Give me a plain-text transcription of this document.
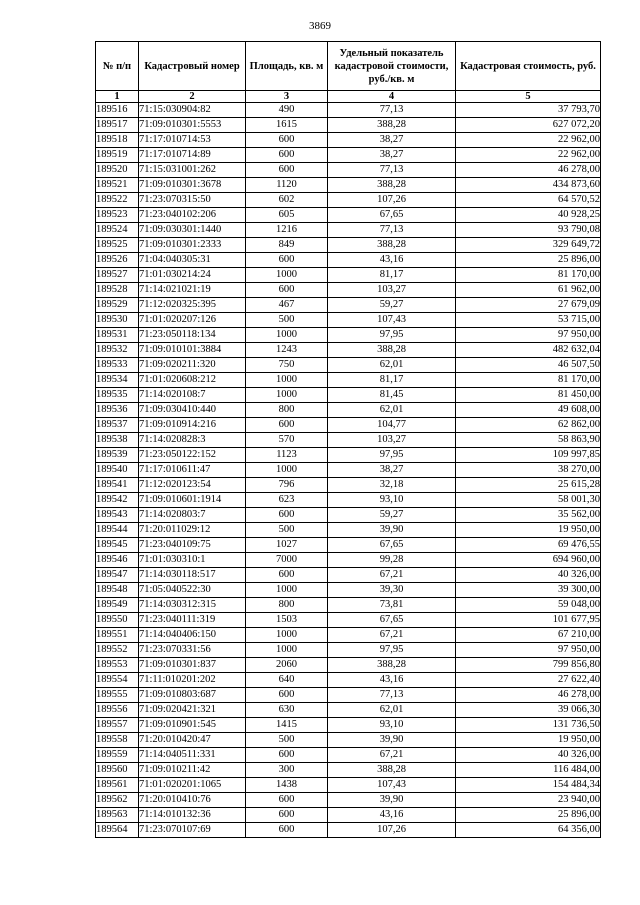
3869
№ п/п	Кадастровый номер	Площадь, кв. м	Удельный показатель кадастровой стоимости, руб./кв. м	Кадастровая стоимость, руб.
1	2	3	4	5
189516	71:15:030904:82	490	77,13	37 793,70
189517	71:09:010301:5553	1615	388,28	627 072,20
189518	71:17:010714:53	600	38,27	22 962,00
189519	71:17:010714:89	600	38,27	22 962,00
189520	71:15:031001:262	600	77,13	46 278,00
189521	71:09:010301:3678	1120	388,28	434 873,60
189522	71:23:070315:50	602	107,26	64 570,52
189523	71:23:040102:206	605	67,65	40 928,25
189524	71:09:030301:1440	1216	77,13	93 790,08
189525	71:09:010301:2333	849	388,28	329 649,72
189526	71:04:040305:31	600	43,16	25 896,00
189527	71:01:030214:24	1000	81,17	81 170,00
189528	71:14:021021:19	600	103,27	61 962,00
189529	71:12:020325:395	467	59,27	27 679,09
189530	71:01:020207:126	500	107,43	53 715,00
189531	71:23:050118:134	1000	97,95	97 950,00
189532	71:09:010101:3884	1243	388,28	482 632,04
189533	71:09:020211:320	750	62,01	46 507,50
189534	71:01:020608:212	1000	81,17	81 170,00
189535	71:14:020108:7	1000	81,45	81 450,00
189536	71:09:030410:440	800	62,01	49 608,00
189537	71:09:010914:216	600	104,77	62 862,00
189538	71:14:020828:3	570	103,27	58 863,90
189539	71:23:050122:152	1123	97,95	109 997,85
189540	71:17:010611:47	1000	38,27	38 270,00
189541	71:12:020123:54	796	32,18	25 615,28
189542	71:09:010601:1914	623	93,10	58 001,30
189543	71:14:020803:7	600	59,27	35 562,00
189544	71:20:011029:12	500	39,90	19 950,00
189545	71:23:040109:75	1027	67,65	69 476,55
189546	71:01:030310:1	7000	99,28	694 960,00
189547	71:14:030118:517	600	67,21	40 326,00
189548	71:05:040522:30	1000	39,30	39 300,00
189549	71:14:030312:315	800	73,81	59 048,00
189550	71:23:040111:319	1503	67,65	101 677,95
189551	71:14:040406:150	1000	67,21	67 210,00
189552	71:23:070331:56	1000	97,95	97 950,00
189553	71:09:010301:837	2060	388,28	799 856,80
189554	71:11:010201:202	640	43,16	27 622,40
189555	71:09:010803:687	600	77,13	46 278,00
189556	71:09:020421:321	630	62,01	39 066,30
189557	71:09:010901:545	1415	93,10	131 736,50
189558	71:20:010420:47	500	39,90	19 950,00
189559	71:14:040511:331	600	67,21	40 326,00
189560	71:09:010211:42	300	388,28	116 484,00
189561	71:01:020201:1065	1438	107,43	154 484,34
189562	71:20:010410:76	600	39,90	23 940,00
189563	71:14:010132:36	600	43,16	25 896,00
189564	71:23:070107:69	600	107,26	64 356,00
